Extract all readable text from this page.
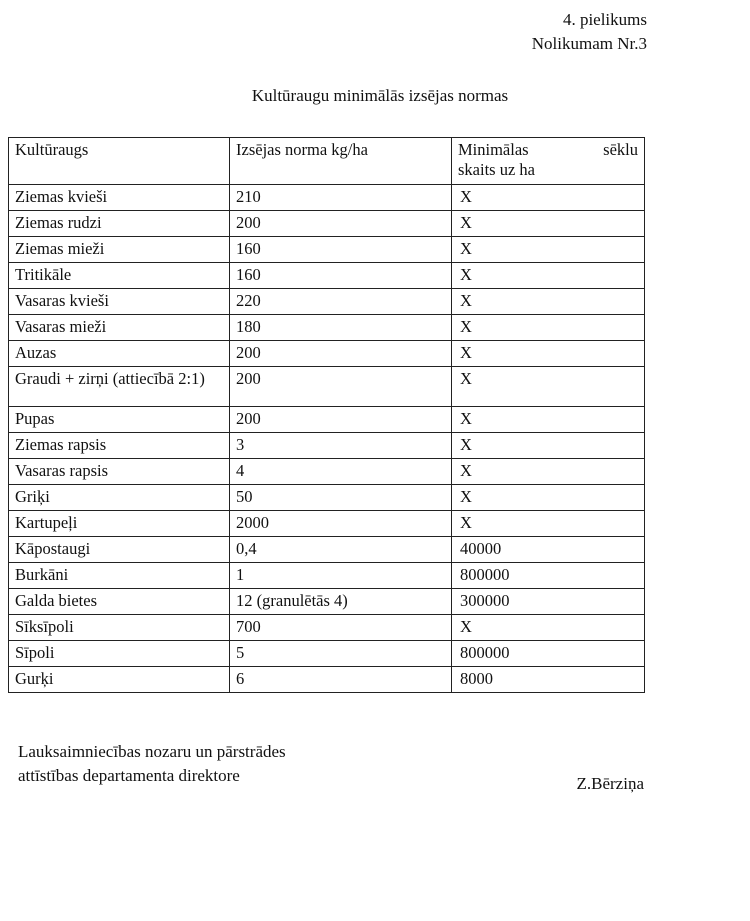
4. pielikums
Nolikumam Nr.3
Kultūraugu minimālās izsējas normas
Kultūraugs	Izsējas norma kg/ha	Minimālas sēklu
skaits uz ha

Ziemas kvieši	210	X
Ziemas rudzi	200	X
Ziemas mieži	160	X
Tritikāle	160	X
Vasaras kvieši	220	X
Vasaras mieži	180	X
Auzas	200	X
Graudi + zirņi (attiecībā 2:1)	200	X
Pupas	200	X
Ziemas rapsis	3	X
Vasaras rapsis	4	X
Griķi	50	X
Kartupeļi	2000	X
Kāpostaugi	0,4	40000
Burkāni	1	800000
Galda bietes	12 (granulētās 4)	300000
Sīksīpoli	700	X
Sīpoli	5	800000
Gurķi	6	8000
Lauksaimniecības nozaru un pārstrādes
attīstības departamenta direktore	Z.Bērziņa
